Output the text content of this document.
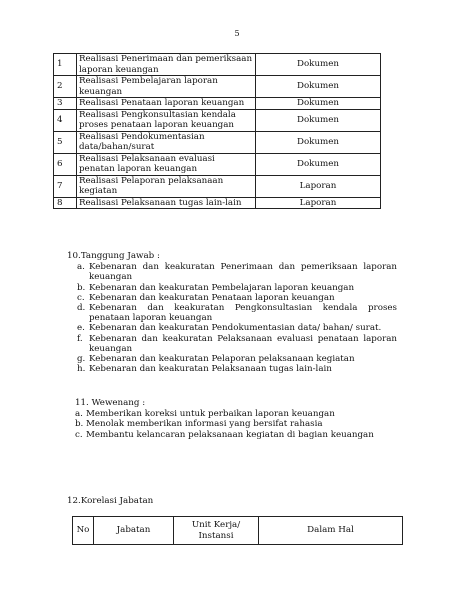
5
1	Realisasi Penerimaan dan pemeriksaan laporan keuangan	Dokumen
2	Realisasi Pembelajaran laporan keuangan	Dokumen
3	Realisasi Penataan laporan keuangan	Dokumen
4	Realisasi Pengkonsultasian kendala proses penataan laporan keuangan	Dokumen
5	Realisasi Pendokumentasian data/bahan/surat	Dokumen
6	Realisasi Pelaksanaan evaluasi penatan laporan keuangan	Dokumen
7	Realisasi Pelaporan pelaksanaan kegiatan	Laporan
8	Realisasi Pelaksanaan tugas lain-lain	Laporan

10.Tanggung Jawab :

a. Kebenaran dan keakuratan Penerimaan dan pemeriksaan laporan keuangan
b. Kebenaran dan keakuratan Pembelajaran laporan keuangan
c. Kebenaran dan keakuratan Penataan laporan keuangan
d. Kebenaran dan keakuratan Pengkonsultasian kendala proses penataan laporan keuangan
e. Kebenaran dan keakuratan Pendokumentasian data/ bahan/ surat.
f. Kebenaran dan keakuratan Pelaksanaan evaluasi penataan laporan keuangan
g. Kebenaran dan keakuratan Pelaporan pelaksanaan kegiatan
h. Kebenaran dan keakuratan Pelaksanaan tugas lain-lain

11. Wewenang :

a. Memberikan koreksi untuk perbaikan laporan keuangan
b. Menolak memberikan informasi yang bersifat rahasia
c. Membantu kelancaran pelaksanaan kegiatan di bagian keuangan

12.Korelasi Jabatan

No	Jabatan	Unit Kerja/ Instansi	Dalam Hal
